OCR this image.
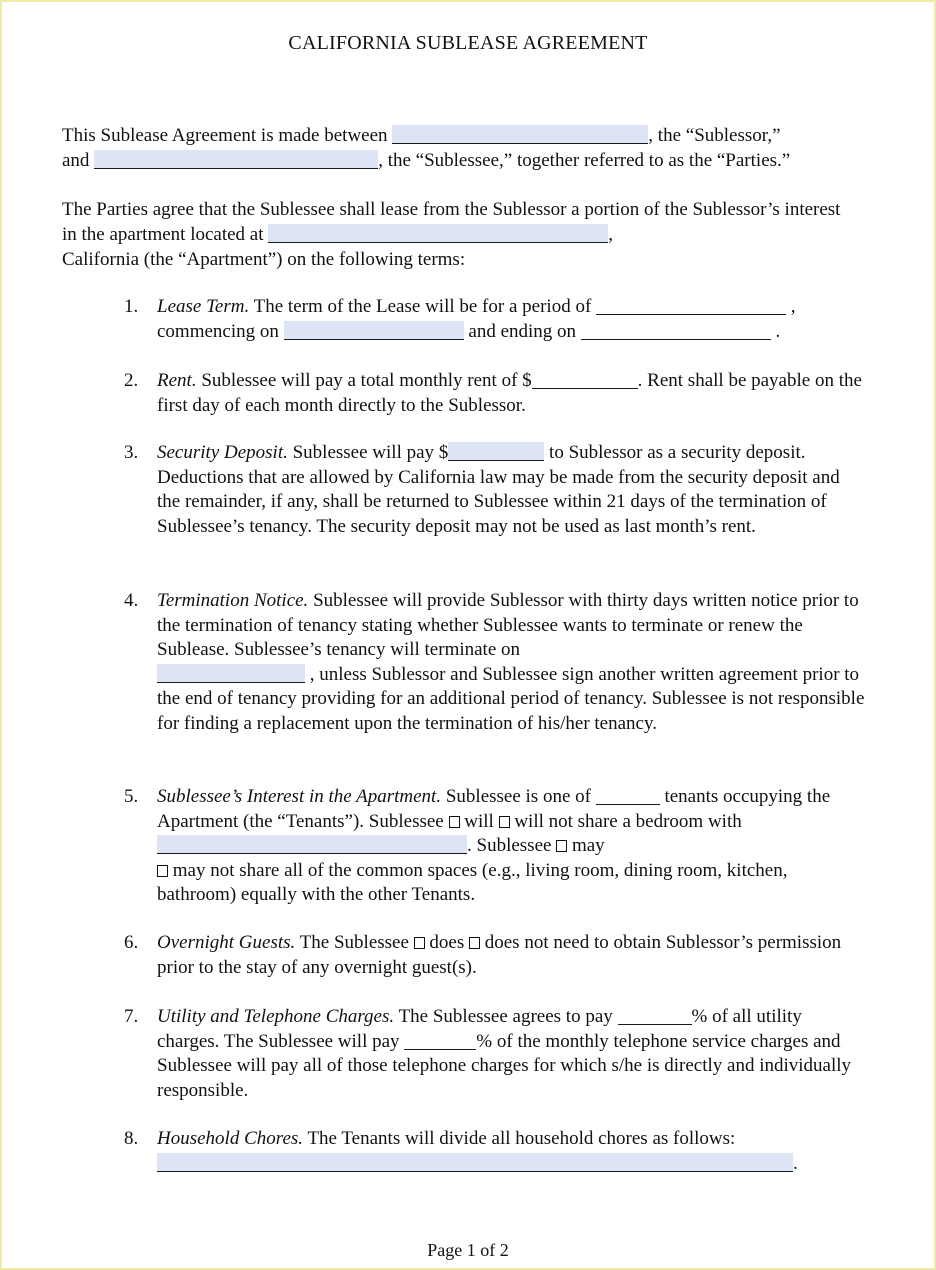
CALIFORNIA SUBLEASE AGREEMENT
This Sublease Agreement is made between	, the “Sublessor,”
and	, the “Sublessee,” together referred to as the “Parties.”
The Parties agree that the Sublessee shall lease from the Sublessor a portion of the Sublessor’s interest in the apartment located at	,
California (the “Apartment”) on the following terms:
1. Lease Term. The term of the Lease will be for a period of	,
commencing on	and ending on	.
2. Rent. Sublessee will pay a total monthly rent of $	. Rent shall be payable on the first day of each month directly to the Sublessor.
3. Security Deposit. Sublessee will pay $	to Sublessor as a security deposit. Deductions that are allowed by California law may be made from the security deposit and the remainder, if any, shall be returned to Sublessee within 21 days of the termination of Sublessee’s tenancy. The security deposit may not be used as last month’s rent.
4. Termination Notice. Sublessee will provide Sublessor with thirty days written notice prior to the termination of tenancy stating whether Sublessee wants to terminate or renew the Sublease. Sublessee’s tenancy will terminate on
, unless Sublessor and Sublessee sign another written agreement prior to the end of tenancy providing for an additional period of tenancy. Sublessee is not responsible for finding a replacement upon the termination of his/her tenancy.
5. Sublessee’s Interest in the Apartment. Sublessee is one of	tenants occupying the Apartment (the “Tenants”). Sublessee will will not share a bedroom with . Sublessee may
may not share all of the common spaces (e.g., living room, dining room, kitchen, bathroom) equally with the other Tenants.
6. Overnight Guests. The Sublessee does does not need to obtain Sublessor’s permission prior to the stay of any overnight guest(s).
7. Utility and Telephone Charges. The Sublessee agrees to pay	% of all utility charges. The Sublessee will pay	% of the monthly telephone service charges and Sublessee will pay all of those telephone charges for which s/he is directly and individually responsible.
8. Household Chores. The Tenants will divide all household chores as follows:
.
Page 1 of 2
